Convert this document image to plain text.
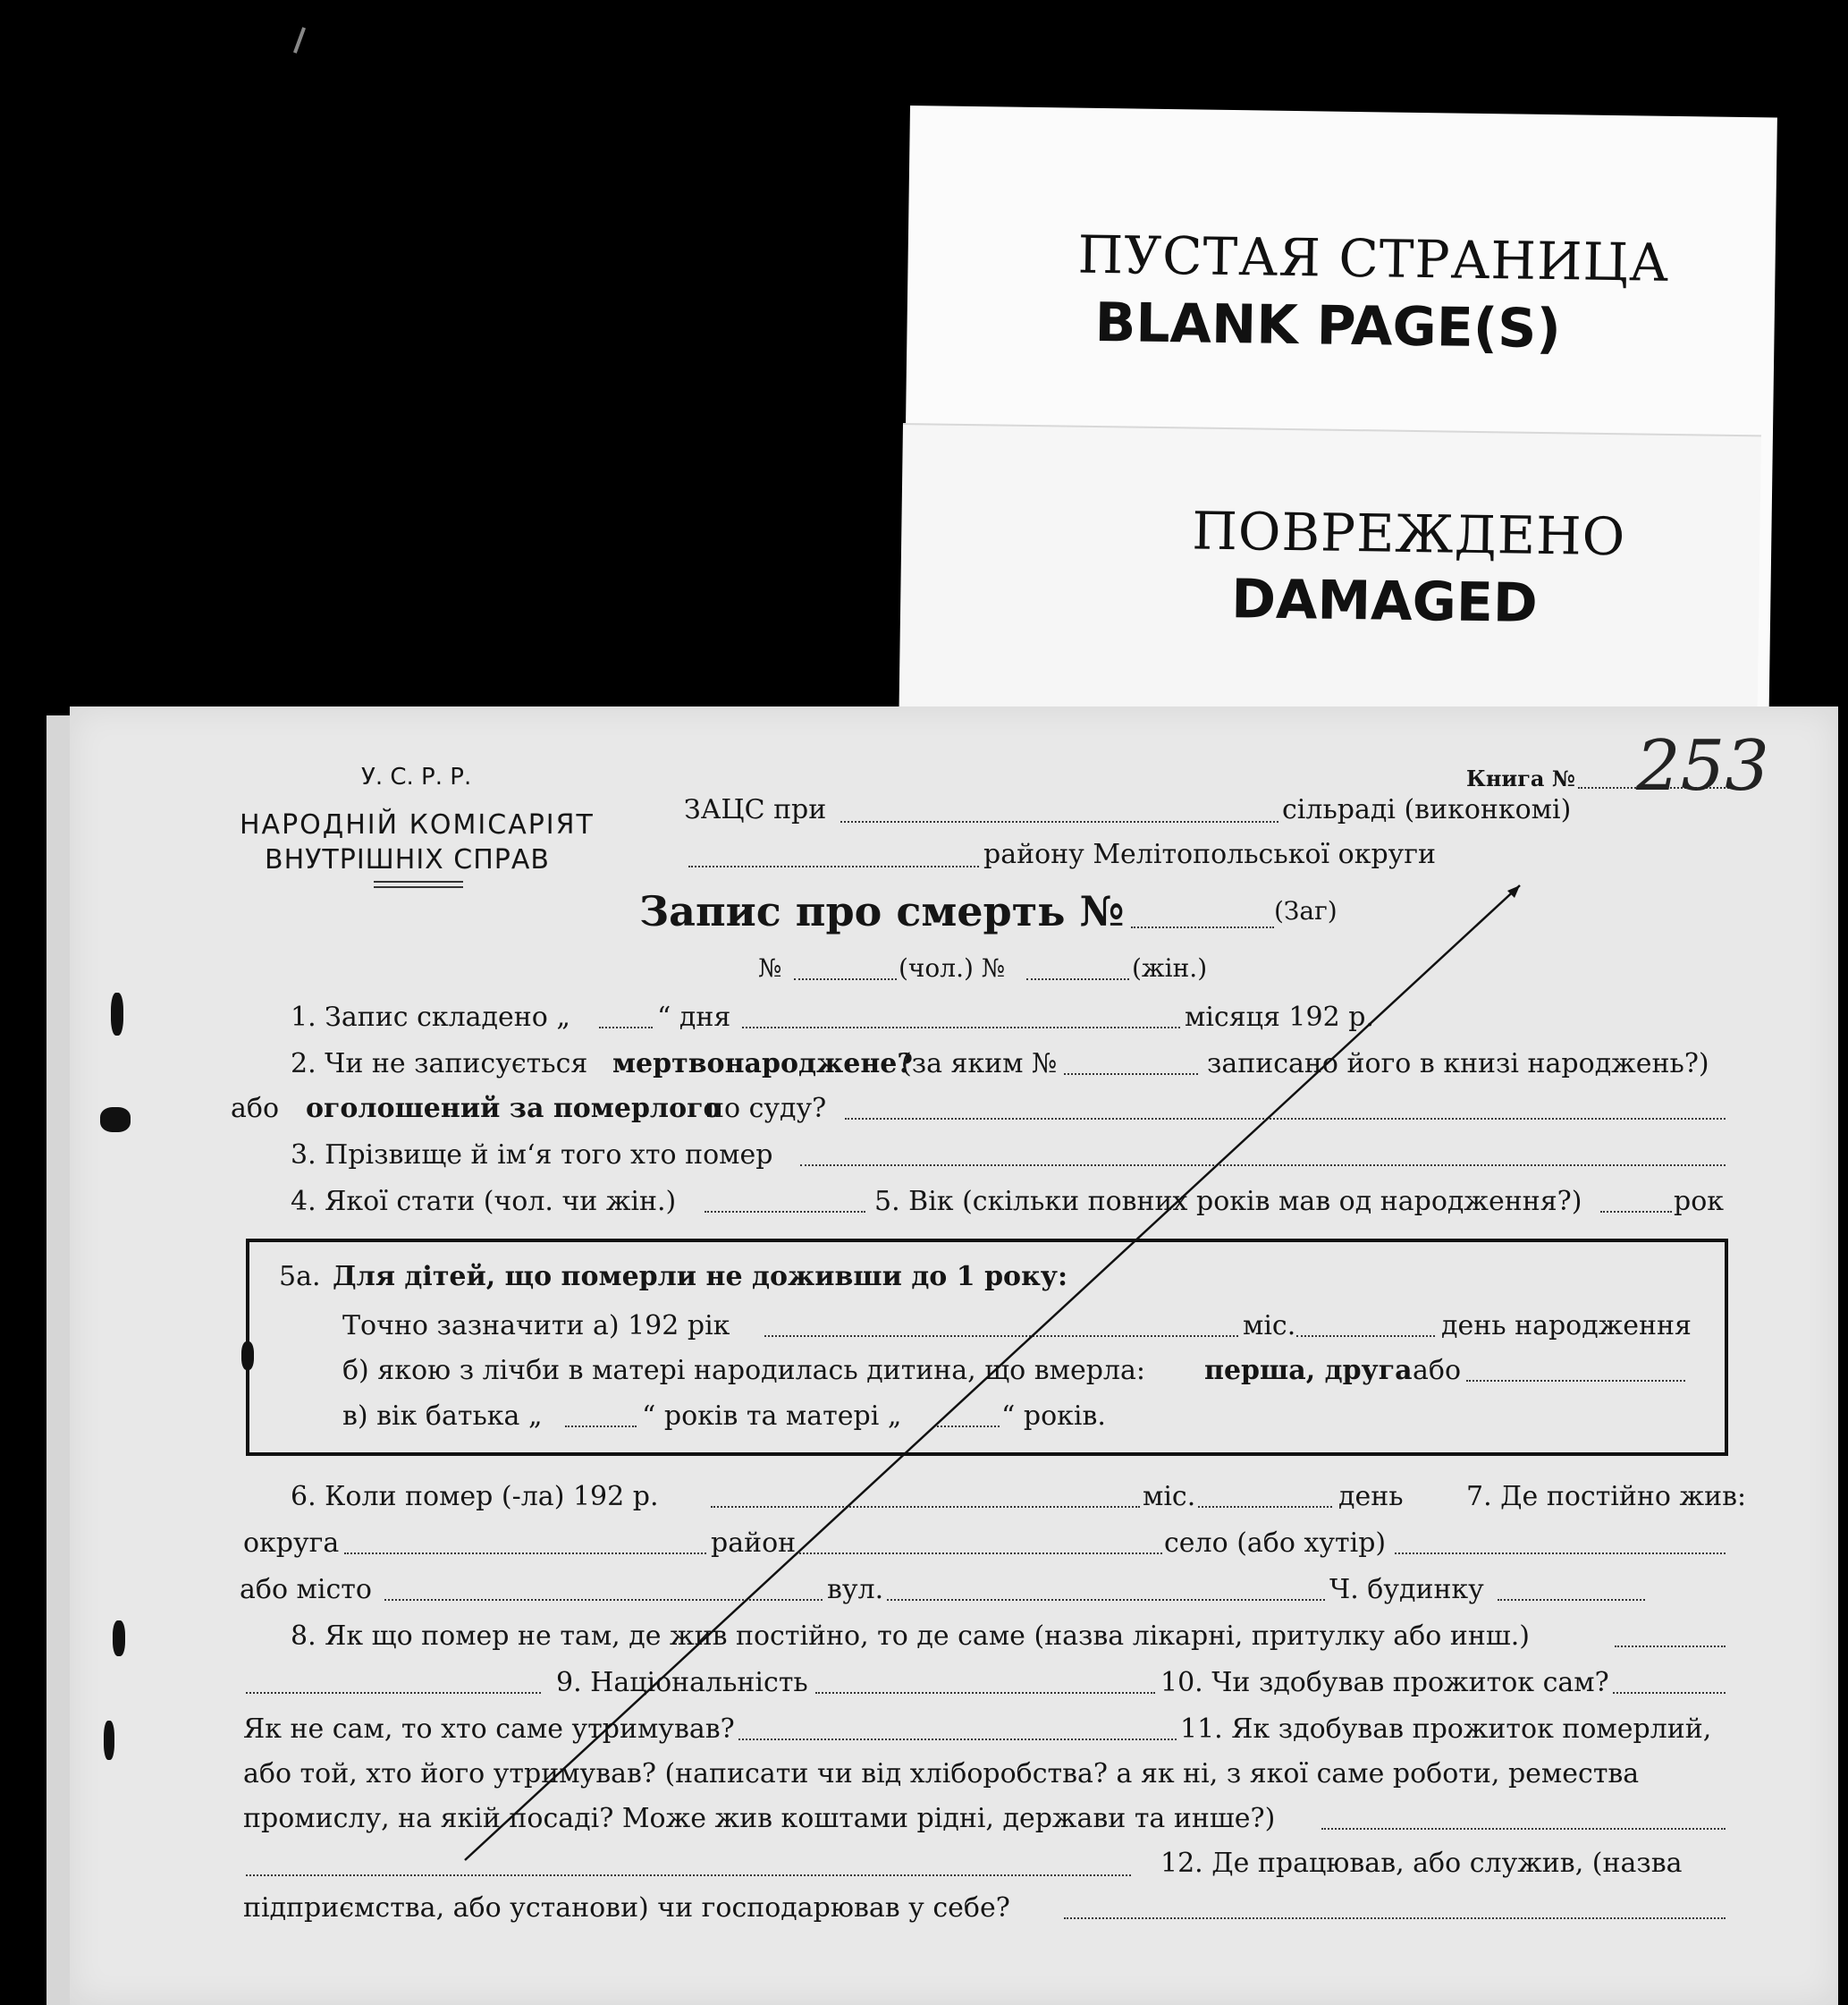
ПУСТАЯ СТРАНИЦА
BLANK PAGE(S)
ПОВРЕЖДЕНО
DAMAGED
У. С. Р. Р.
НАРОДНІЙ КОМІСАРІЯТ
ВНУТРІШНІХ СПРАВ
Книга № 253
ЗАЦС при	сільраді (виконкомі)
району Мелітопольської округи
Запис про смерть №	(Заг)
№	(чол.) №	(жін.)
1. Запис складено „	“ дня	місяця 192 р.
2. Чи не записується мертвонароджене?
(за яким №	записано його в книзі народжень?)
або оголошений за померлого
по суду?
3. Прізвище й ім‘я того хто помер
4. Якої стати (чол. чи жін.)	5. Вік (скільки повних років мав од народження?)	рок
5а. Для дітей, що померли не доживши до 1 року:
Точно зазначити а) 192 рік	міс.	день народження
б) якою з лічби в матері народилась дитина, що вмерла: перша, друга або
в) вік батька „	“ років та матері „	“ років.
6. Коли помер (-ла) 192 р.	міс.	день 7. Де постійно жив:
округа	район	село (або хутір)
або місто	вул.	Ч. будинку
8. Як що помер не там, де жив постійно, то де саме (назва лікарні, притулку або инш.)
9. Національність	10. Чи здобував прожиток сам?
Як не сам, то хто саме утримував?	11. Як здобував прожиток померлий,
або той, хто його утримував? (написати чи від хліборобства? а як ні, з якої саме роботи, ремества
промислу, на якій посаді? Може жив коштами рідні, держави та инше?)
12. Де працював, або служив, (назва
підприємства, або установи) чи господарював у себе?
